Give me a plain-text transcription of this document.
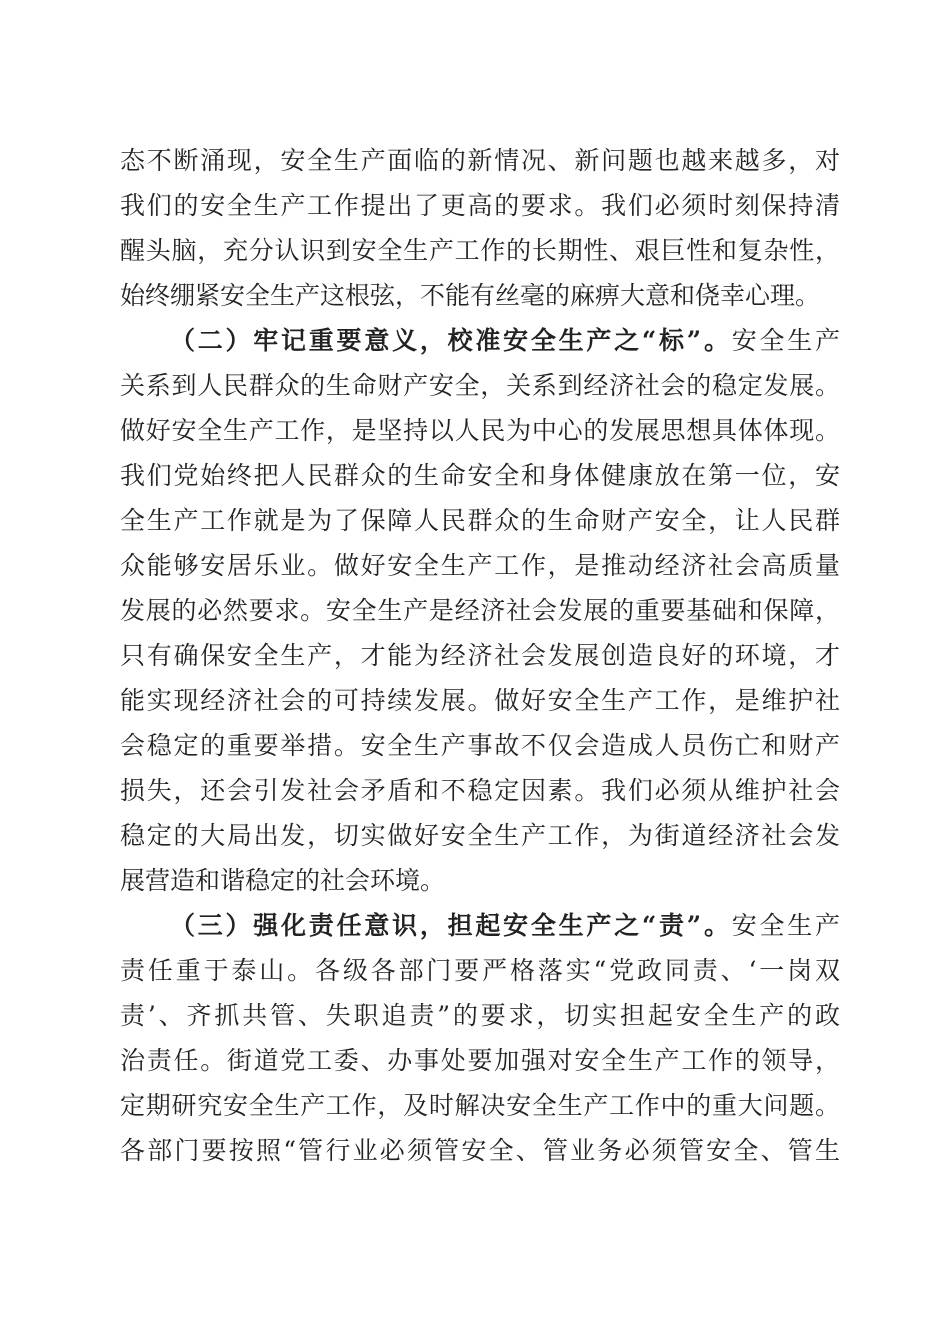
态不断涌现，安全生产面临的新情况、新问题也越来越多，对
我们的安全生产工作提出了更高的要求。我们必须时刻保持清
醒头脑，充分认识到安全生产工作的长期性、艰巨性和复杂性，
始终绷紧安全生产这根弦，不能有丝毫的麻痹大意和侥幸心理。
（二）牢记重要意义，校准安全生产之“标”。安全生产
关系到人民群众的生命财产安全，关系到经济社会的稳定发展。
做好安全生产工作，是坚持以人民为中心的发展思想具体体现。
我们党始终把人民群众的生命安全和身体健康放在第一位，安
全生产工作就是为了保障人民群众的生命财产安全，让人民群
众能够安居乐业。做好安全生产工作，是推动经济社会高质量
发展的必然要求。安全生产是经济社会发展的重要基础和保障，
只有确保安全生产，才能为经济社会发展创造良好的环境，才
能实现经济社会的可持续发展。做好安全生产工作，是维护社
会稳定的重要举措。安全生产事故不仅会造成人员伤亡和财产
损失，还会引发社会矛盾和不稳定因素。我们必须从维护社会
稳定的大局出发，切实做好安全生产工作，为街道经济社会发
展营造和谐稳定的社会环境。
（三）强化责任意识，担起安全生产之“责”。安全生产
责任重于泰山。各级各部门要严格落实“党政同责、‘一岗双
责’、齐抓共管、失职追责”的要求，切实担起安全生产的政
治责任。街道党工委、办事处要加强对安全生产工作的领导，
定期研究安全生产工作，及时解决安全生产工作中的重大问题。
各部门要按照“管行业必须管安全、管业务必须管安全、管生
